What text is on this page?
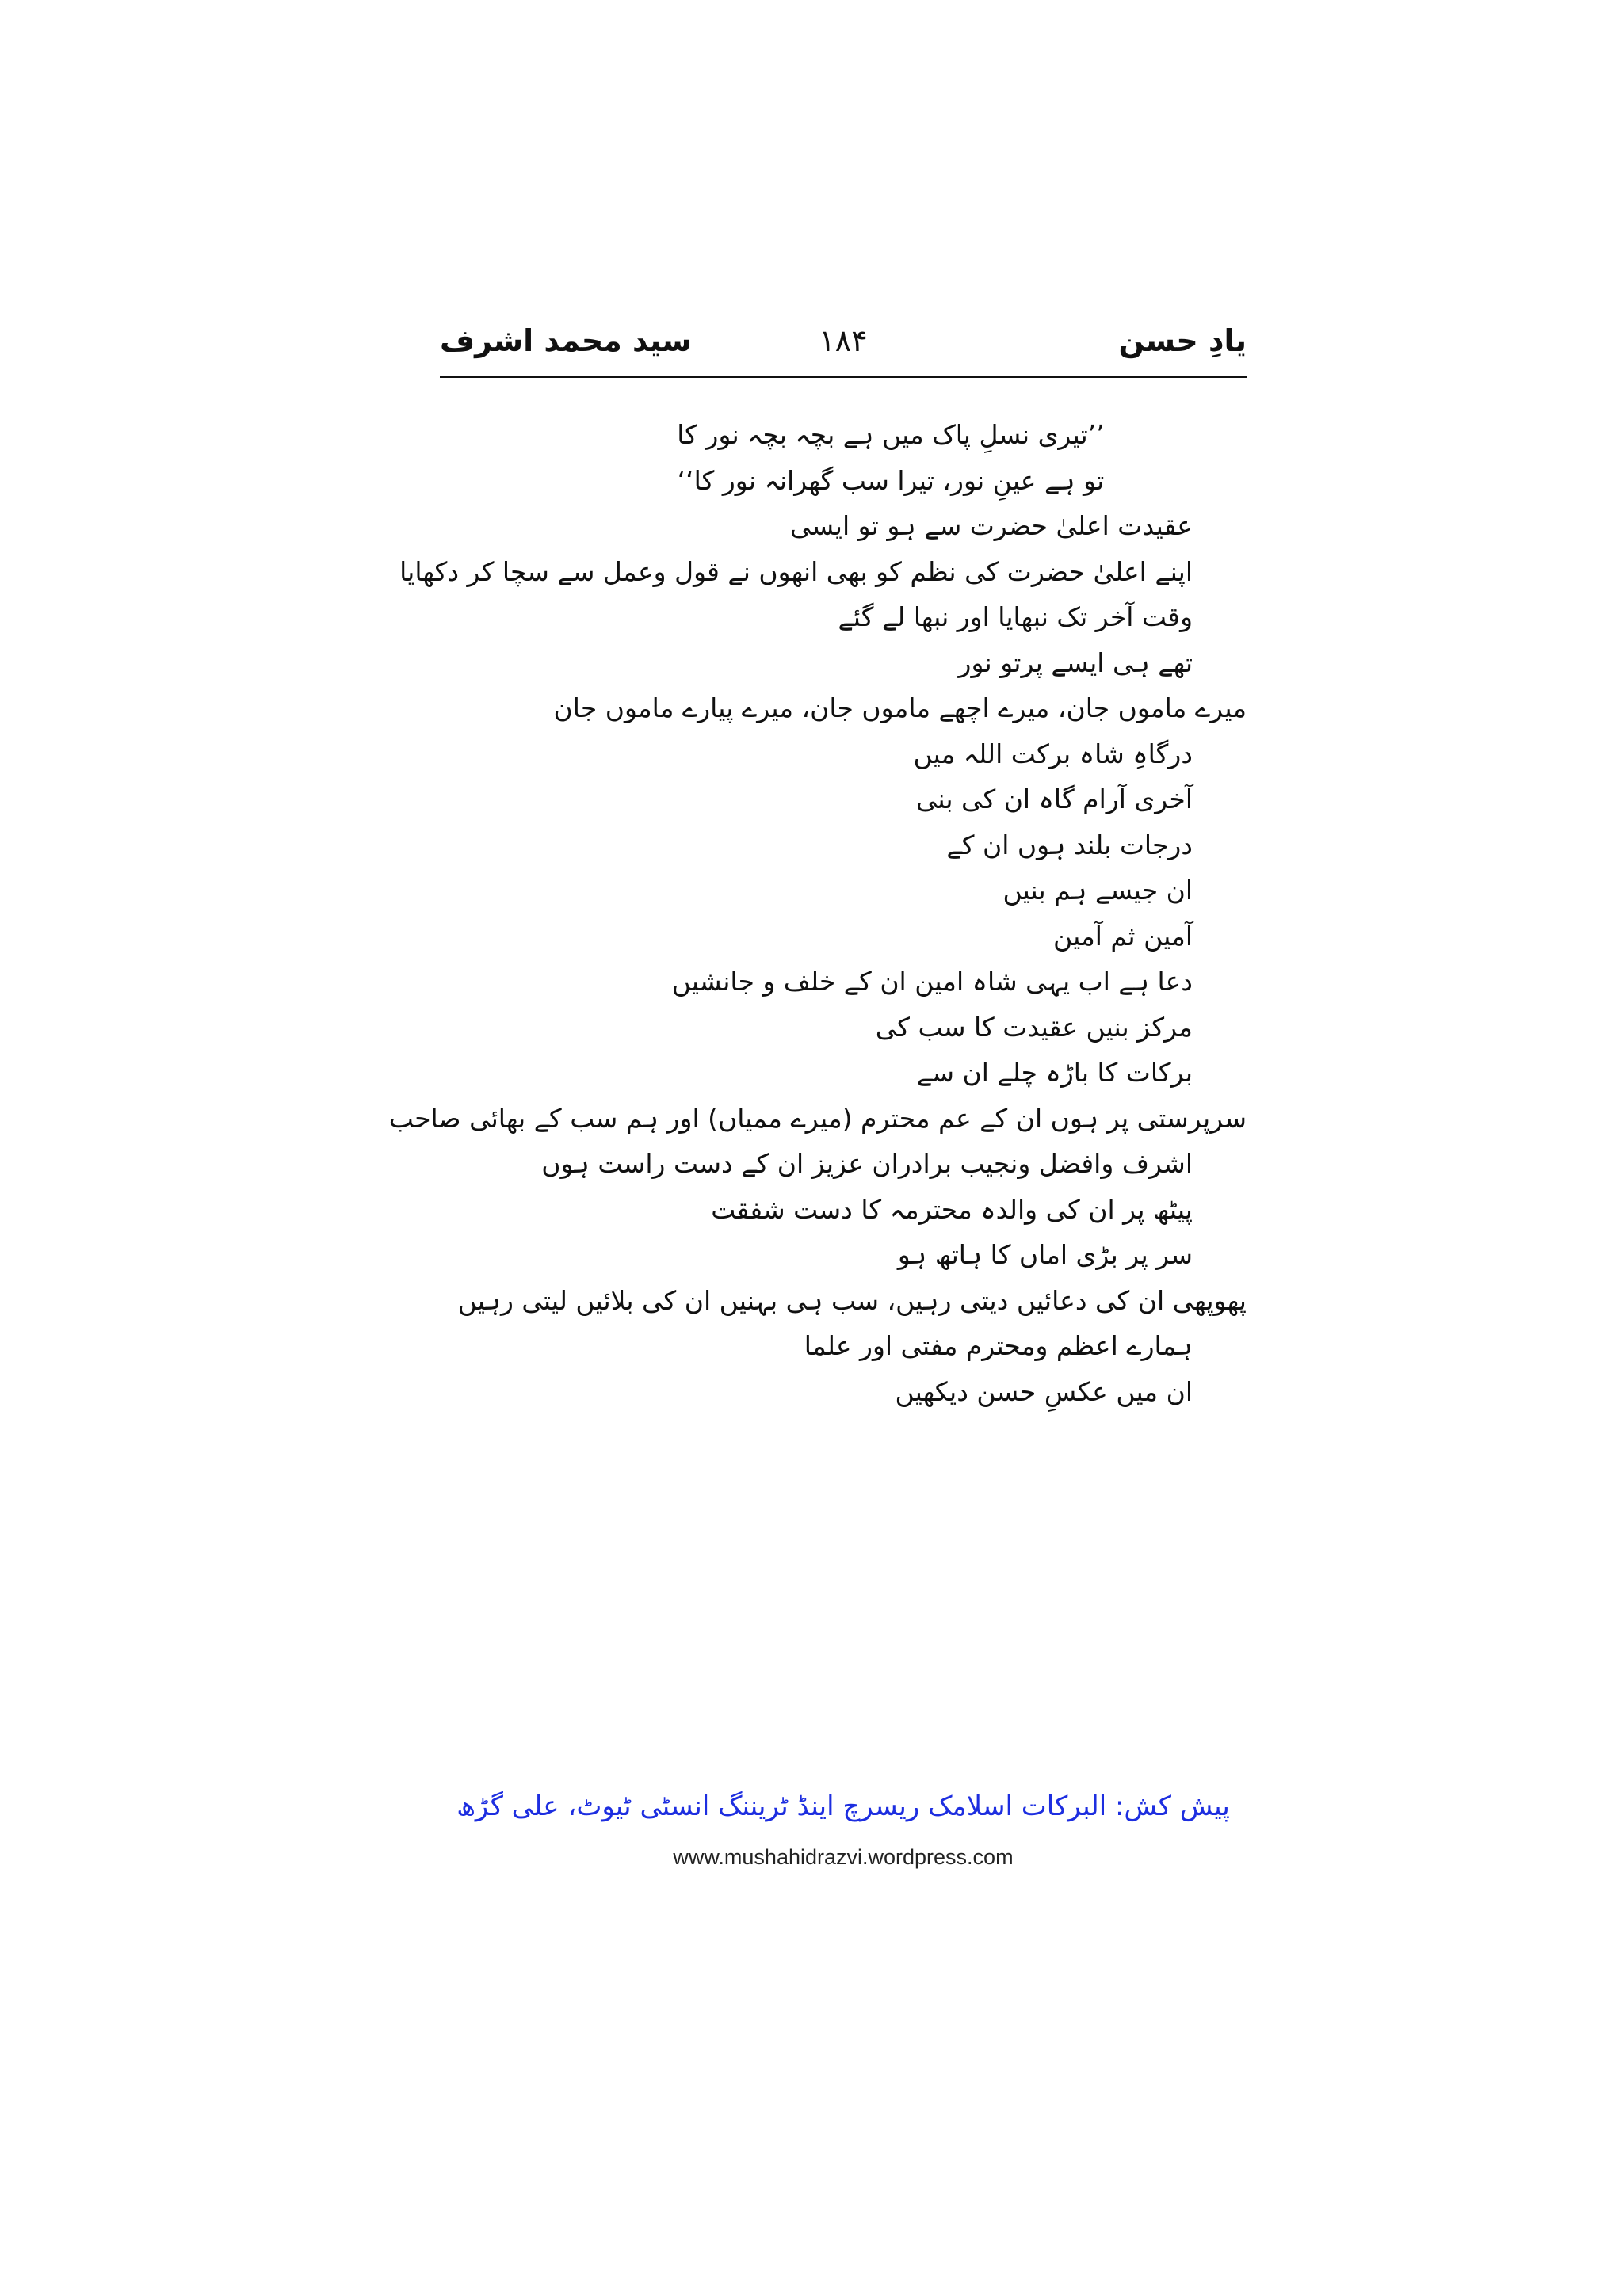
یادِ حسن
۱۸۴
سید محمد اشرف
’’تیری نسلِ پاک میں ہے بچہ بچہ نور کا
تو ہے عینِ نور، تیرا سب گھرانہ نور کا‘‘
عقیدت اعلیٰ حضرت سے ہو تو ایسی
اپنے اعلیٰ حضرت کی نظم کو بھی انھوں نے قول وعمل سے سچا کر دکھایا
وقت آخر تک نبھایا اور نبھا لے گئے
تھے ہی ایسے پرتو نور
میرے ماموں جان، میرے اچھے ماموں جان، میرے پیارے ماموں جان
درگاہِ شاہ برکت اللہ میں
آخری آرام گاہ ان کی بنی
درجات بلند ہوں ان کے
ان جیسے ہم بنیں
آمین ثم آمین
دعا ہے اب یہی شاہ امین ان کے خلف و جانشیں
مرکز بنیں عقیدت کا سب کی
برکات کا باڑہ چلے ان سے
سرپرستی پر ہوں ان کے عم محترم (میرے ممیاں) اور ہم سب کے بھائی صاحب
اشرف وافضل ونجیب برادران عزیز ان کے دست راست ہوں
پیٹھ پر ان کی والدہ محترمہ کا دست شفقت
سر پر بڑی اماں کا ہاتھ ہو
پھوپھی ان کی دعائیں دیتی رہیں، سب ہی بہنیں ان کی بلائیں لیتی رہیں
ہمارے اعظم ومحترم مفتی اور علما
ان میں عکسِ حسن دیکھیں
پیش کش: البرکات اسلامک ریسرچ اینڈ ٹریننگ انسٹی ٹیوٹ، علی گڑھ
www.mushahidrazvi.wordpress.com
